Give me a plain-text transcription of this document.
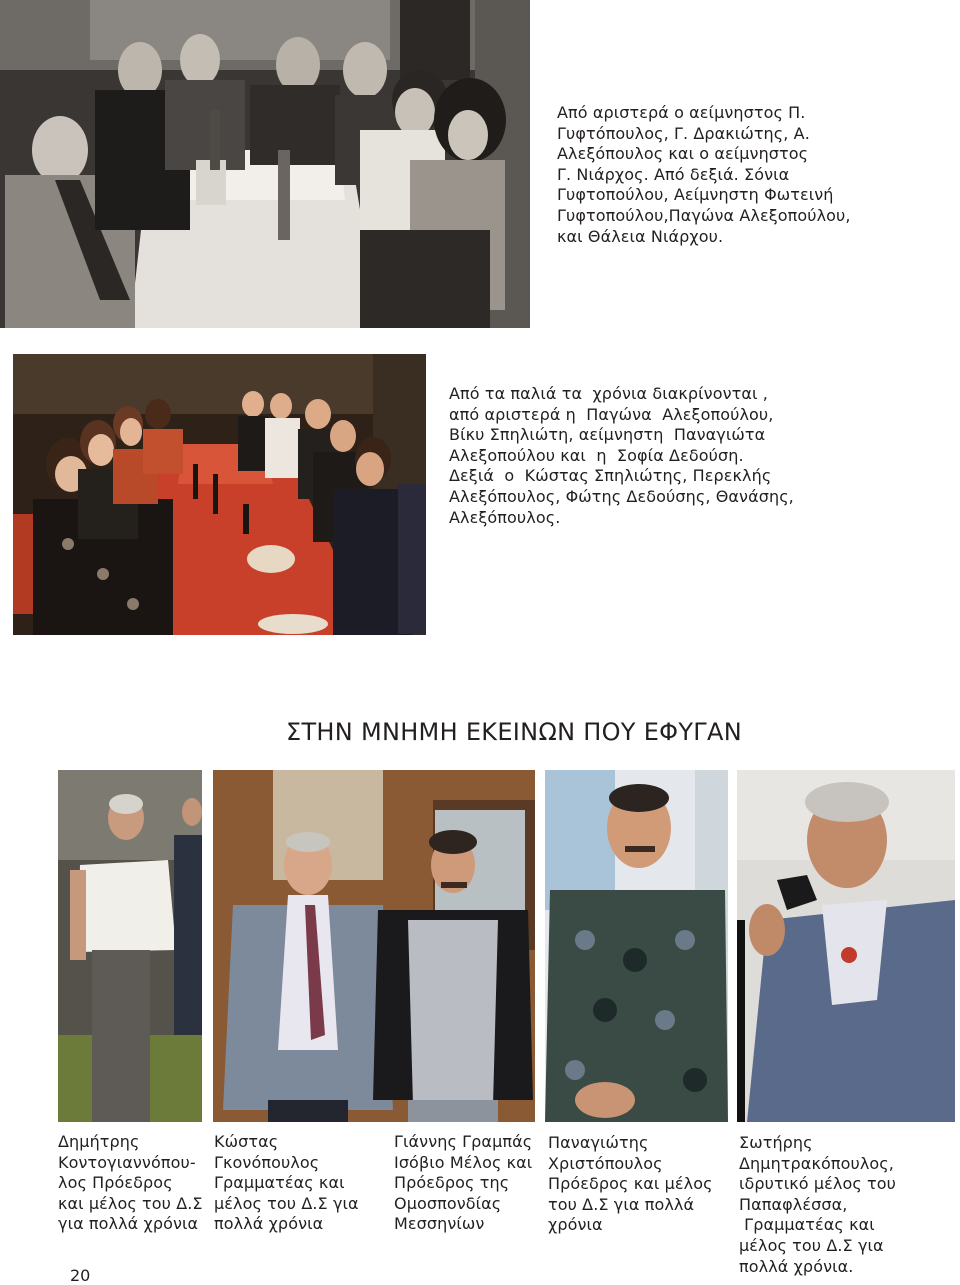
Από αριστερά ο αείμνηστος Π.
Γυφτόπουλος, Γ. Δρακιώτης, Α.
Αλεξόπουλος και ο αείμνηστος
Γ. Νιάρχος. Από δεξιά. Σόνια
Γυφτοπούλου, Αείμνηστη Φωτεινή
Γυφτοπούλου,Παγώνα Αλεξοπούλου,
και Θάλεια Νιάρχου.
Από τα παλιά τα  χρόνια διακρίνονται ,
από αριστερά η  Παγώνα  Αλεξοπούλου,
Βίκυ Σπηλιώτη, αείμνηστη  Παναγιώτα
Αλεξοπούλου και  η  Σοφία Δεδούση.
Δεξιά  ο  Κώστας Σπηλιώτης, Περεκλής
Αλεξόπουλος, Φώτης Δεδούσης, Θανάσης,
Αλεξόπουλος.
ΣΤΗΝ ΜΝΗΜΗ ΕΚΕΙΝΩΝ ΠΟΥ ΕΦΥΓΑΝ
Δημήτρης
Κοντογιαννόπου-
λος Πρόεδρος
και μέλος του Δ.Σ
για πολλά χρόνια
Κώστας
Γκονόπουλος
Γραμματέας και
μέλος του Δ.Σ για
πολλά χρόνια
Γιάννης Γραμπάς
Ισόβιο Μέλος και
Πρόεδρος της
Ομοσπονδίας
Μεσσηνίων
Παναγιώτης
Χριστόπουλος
Πρόεδρος και μέλος
του Δ.Σ για πολλά
χρόνια
Σωτήρης
Δημητρακόπουλος,
ιδρυτικό μέλος του
Παπαφλέσσα,
Γραμματέας και
μέλος του Δ.Σ για
πολλά χρόνια.
20
